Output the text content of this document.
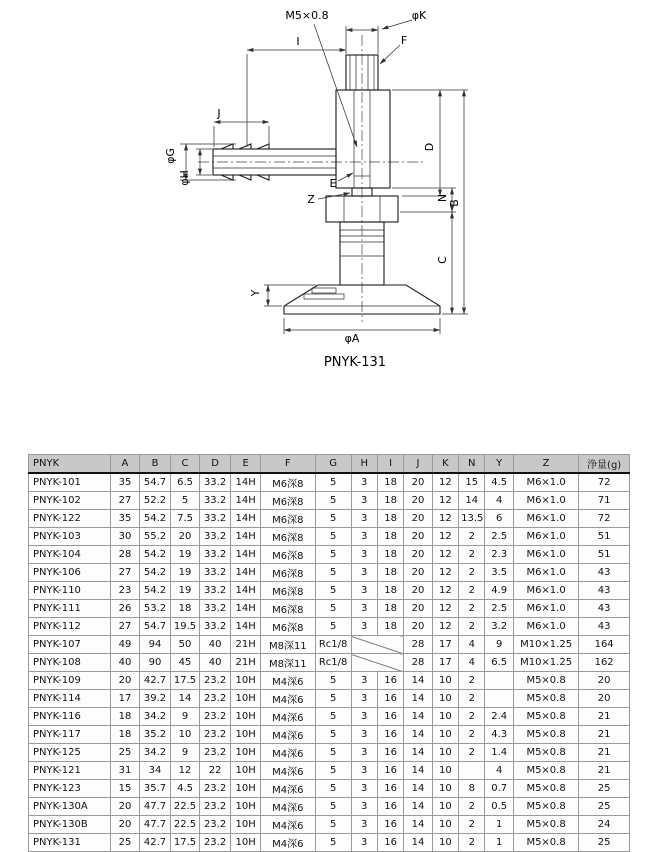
M5×0.8	φK
F
I
J
φG
φH
D
E
N
B
Z
C
Y
φA
PNYK-131
PNYK	A	B	C	D	E	F	G	H	I	J	K	N	Y	Z	浄量(g)
PNYK-101	35	54.7	6.5	33.2	14H	M6深8	5	3	18	20	12	15	4.5	M6×1.0	72
PNYK-102	27	52.2	5	33.2	14H	M6深8	5	3	18	20	12	14	4	M6×1.0	71
PNYK-122	35	54.2	7.5	33.2	14H	M6深8	5	3	18	20	12	13.5	6	M6×1.0	72
PNYK-103	30	55.2	20	33.2	14H	M6深8	5	3	18	20	12	2	2.5	M6×1.0	51
PNYK-104	28	54.2	19	33.2	14H	M6深8	5	3	18	20	12	2	2.3	M6×1.0	51
PNYK-106	27	54.2	19	33.2	14H	M6深8	5	3	18	20	12	2	3.5	M6×1.0	43
PNYK-110	23	54.2	19	33.2	14H	M6深8	5	3	18	20	12	2	4.9	M6×1.0	43
PNYK-111	26	53.2	18	33.2	14H	M6深8	5	3	18	20	12	2	2.5	M6×1.0	43
PNYK-112	27	54.7	19.5	33.2	14H	M6深8	5	3	18	20	12	2	3.2	M6×1.0	43
PNYK-107	49	94	50	40	21H	M8深11	Rc1/8			28	17	4	9	M10×1.25	164
PNYK-108	40	90	45	40	21H	M8深11	Rc1/8			28	17	4	6.5	M10×1.25	162
PNYK-109	20	42.7	17.5	23.2	10H	M4深6	5	3	16	14	10	2		M5×0.8	20
PNYK-114	17	39.2	14	23.2	10H	M4深6	5	3	16	14	10	2		M5×0.8	20
PNYK-116	18	34.2	9	23.2	10H	M4深6	5	3	16	14	10	2	2.4	M5×0.8	21
PNYK-117	18	35.2	10	23.2	10H	M4深6	5	3	16	14	10	2	4.3	M5×0.8	21
PNYK-125	25	34.2	9	23.2	10H	M4深6	5	3	16	14	10	2	1.4	M5×0.8	21
PNYK-121	31	34	12	22	10H	M4深6	5	3	16	14	10		4	M5×0.8	21
PNYK-123	15	35.7	4.5	23.2	10H	M4深6	5	3	16	14	10	8	0.7	M5×0.8	25
PNYK-130A	20	47.7	22.5	23.2	10H	M4深6	5	3	16	14	10	2	0.5	M5×0.8	25
PNYK-130B	20	47.7	22.5	23.2	10H	M4深6	5	3	16	14	10	2	1	M5×0.8	24
PNYK-131	25	42.7	17.5	23.2	10H	M4深6	5	3	16	14	10	2	1	M5×0.8	25
